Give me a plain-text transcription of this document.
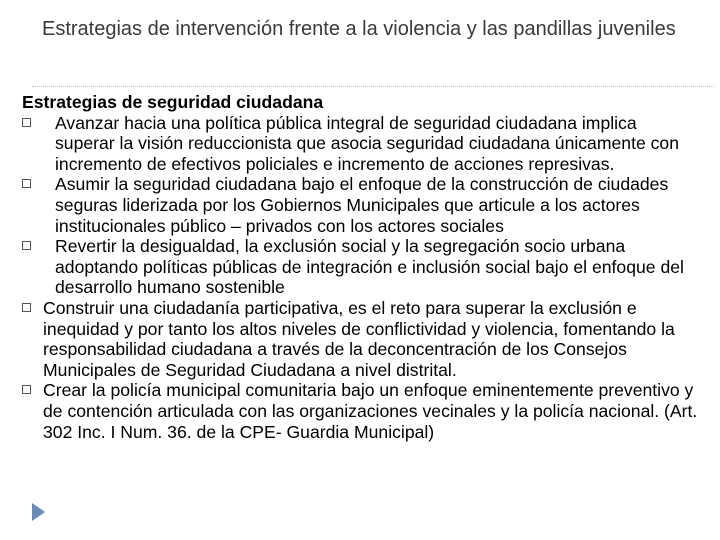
Estrategias de intervención frente a la violencia y las pandillas juveniles

Estrategias de seguridad ciudadana

Avanzar hacia una política pública integral de seguridad ciudadana implica superar la visión reduccionista que asocia seguridad ciudadana únicamente con incremento de efectivos policiales e incremento de acciones represivas.
Asumir la seguridad ciudadana bajo el enfoque de la construcción de ciudades seguras liderizada por los Gobiernos Municipales que articule a los actores institucionales público – privados con los actores sociales
Revertir la desigualdad, la exclusión social y la segregación socio urbana adoptando políticas públicas de integración e inclusión social bajo el enfoque del desarrollo humano sostenible
Construir una ciudadanía participativa, es el reto para superar la exclusión e inequidad y por tanto los altos niveles de conflictividad y violencia, fomentando la responsabilidad ciudadana a través de la deconcentración de los Consejos Municipales de Seguridad Ciudadana a nivel distrital.
Crear la policía municipal comunitaria bajo un enfoque eminentemente preventivo y de contención articulada con las organizaciones vecinales y la policía nacional. (Art. 302 Inc. I Num. 36. de la CPE- Guardia Municipal)
